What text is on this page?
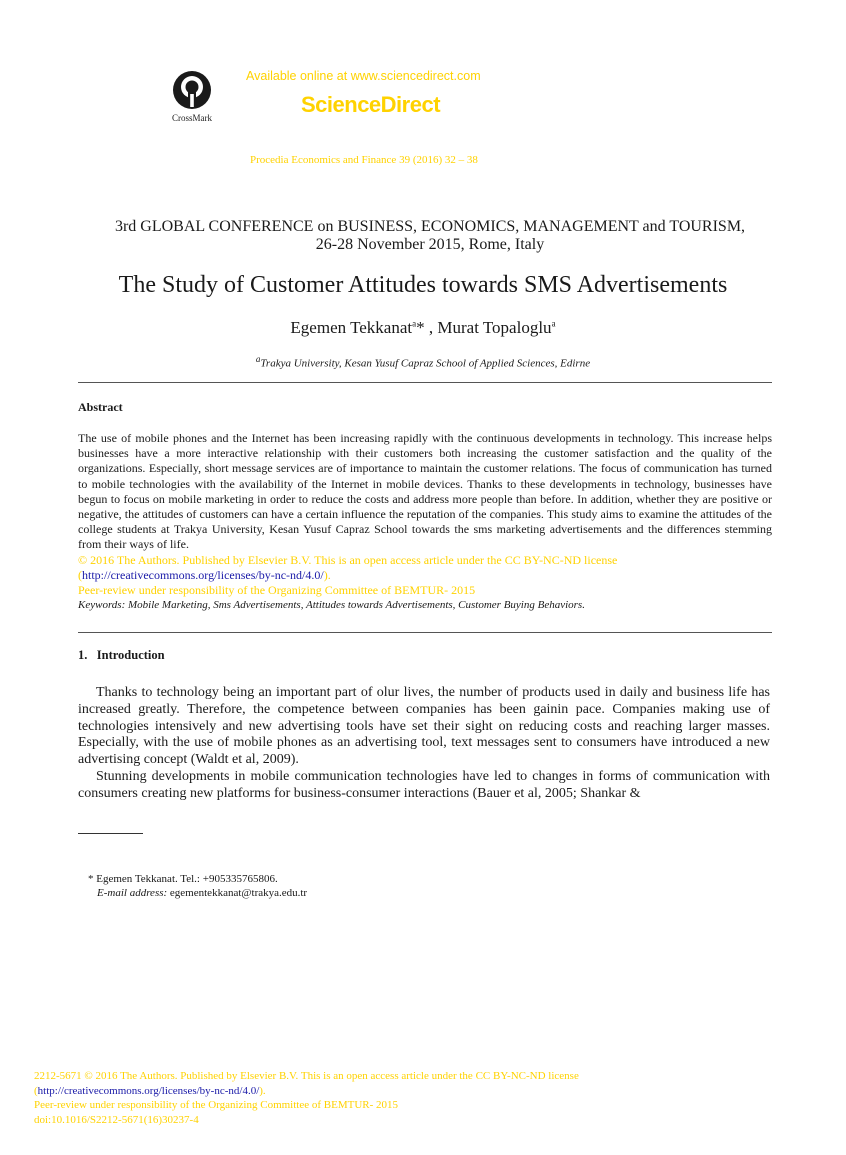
CrossMark
Available online at www.sciencedirect.com
ScienceDirect
Procedia Economics and Finance 39 (2016) 32 – 38
3rd GLOBAL CONFERENCE on BUSINESS, ECONOMICS, MANAGEMENT and TOURISM,
26-28 November 2015, Rome, Italy
The Study of Customer Attitudes towards SMS Advertisements
Egemen Tekkanat$^a$* , Murat Topaloglu$^a$
$^a$Trakya University, Kesan Yusuf Capraz School of Applied Sciences, Edirne
Abstract

The use of mobile phones and the Internet has been increasing rapidly with the continuous developments in technology. This increase helps businesses have a more interactive relationship with their customers both increasing the customer satisfaction and the quality of the organizations. Especially, short message services are of importance to maintain the customer relations. The focus of communication has turned to mobile technologies with the availability of the Internet in mobile devices. Thanks to these developments in technology, businesses have begun to focus on mobile marketing in order to reduce the costs and address more people than before. In addition, whether they are positive or negative, the attitudes of customers can have a certain influence the reputation of the companies. This study aims to examine the attitudes of the college students at Trakya University, Kesan Yusuf Capraz School towards the sms marketing advertisements and the differences stemming from their ways of life.

© 2016 The Authors. Published by Elsevier B.V. This is an open access article under the CC BY-NC-ND license
(http://creativecommons.org/licenses/by-nc-nd/4.0/).
Peer-review under responsibility of the Organizing Committee of BEMTUR- 2015
Keywords: Mobile Marketing, Sms Advertisements, Attitudes towards Advertisements, Customer Buying Behaviors.
1.   Introduction

Thanks to technology being an important part of olur lives, the number of products used in daily and business life has increased greatly. Therefore, the competence between companies has been gainin pace. Companies making use of technologies intensively and new advertising tools have set their sight on reducing costs and reaching larger masses. Especially, with the use of mobile phones as an advertising tool, text messages sent to consumers have introduced a new advertising concept (Waldt et al, 2009).

Stunning developments in mobile communication technologies have led to changes in forms of communication with consumers creating new platforms for business-consumer interactions (Bauer et al, 2005; Shankar &

* Egemen Tekkanat. Tel.: +905335765806.
E-mail address: egementekkanat@trakya.edu.tr
2212-5671 © 2016 The Authors. Published by Elsevier B.V. This is an open access article under the CC BY-NC-ND license
(http://creativecommons.org/licenses/by-nc-nd/4.0/).
Peer-review under responsibility of the Organizing Committee of BEMTUR- 2015
doi:10.1016/S2212-5671(16)30237-4
